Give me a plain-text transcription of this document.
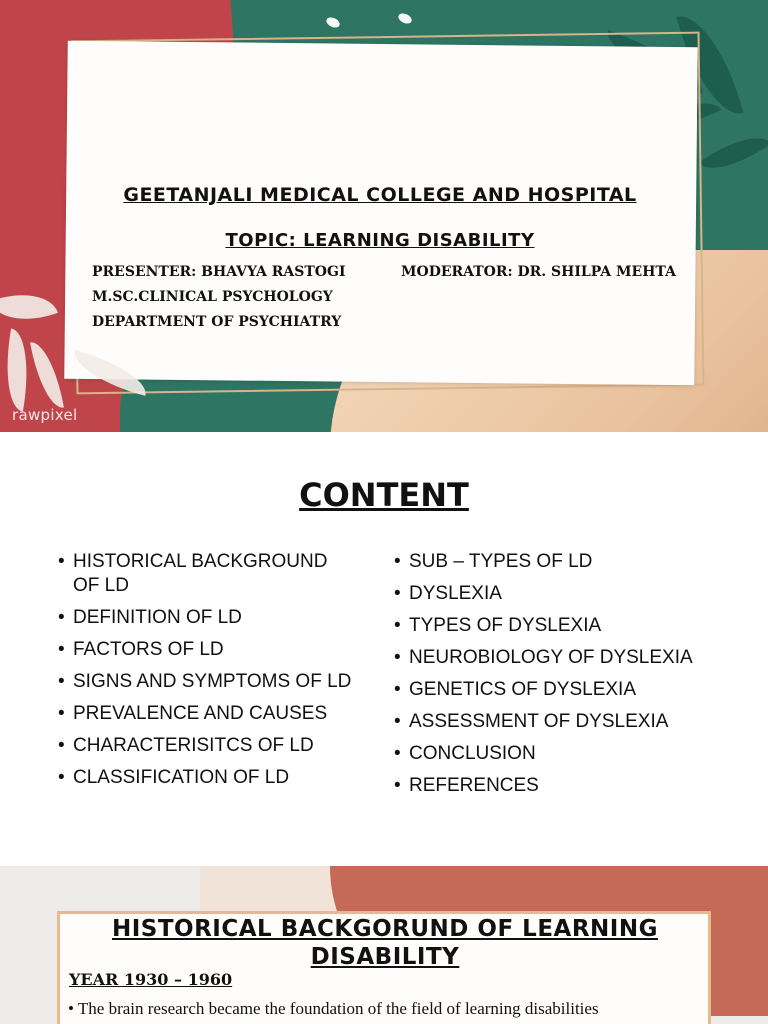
GEETANJALI MEDICAL COLLEGE AND HOSPITAL
TOPIC: LEARNING DISABILITY
PRESENTER: BHAVYA RASTOGI
M.SC.CLINICAL PSYCHOLOGY
DEPARTMENT OF PSYCHIATRY
MODERATOR: DR. SHILPA MEHTA
rawpixel
CONTENT
• HISTORICAL BACKGROUND OF LD
• DEFINITION OF LD
• FACTORS OF LD
• SIGNS AND SYMPTOMS OF LD
• PREVALENCE AND CAUSES
• CHARACTERISITCS OF LD
• CLASSIFICATION OF LD
• SUB – TYPES OF LD
• DYSLEXIA
• TYPES OF DYSLEXIA
• NEUROBIOLOGY OF DYSLEXIA
• GENETICS OF DYSLEXIA
• ASSESSMENT OF DYSLEXIA
• CONCLUSION
• REFERENCES
HISTORICAL BACKGORUND OF LEARNING DISABILITY
YEAR 1930 – 1960
• The brain research became the foundation of the field of learning disabilities
